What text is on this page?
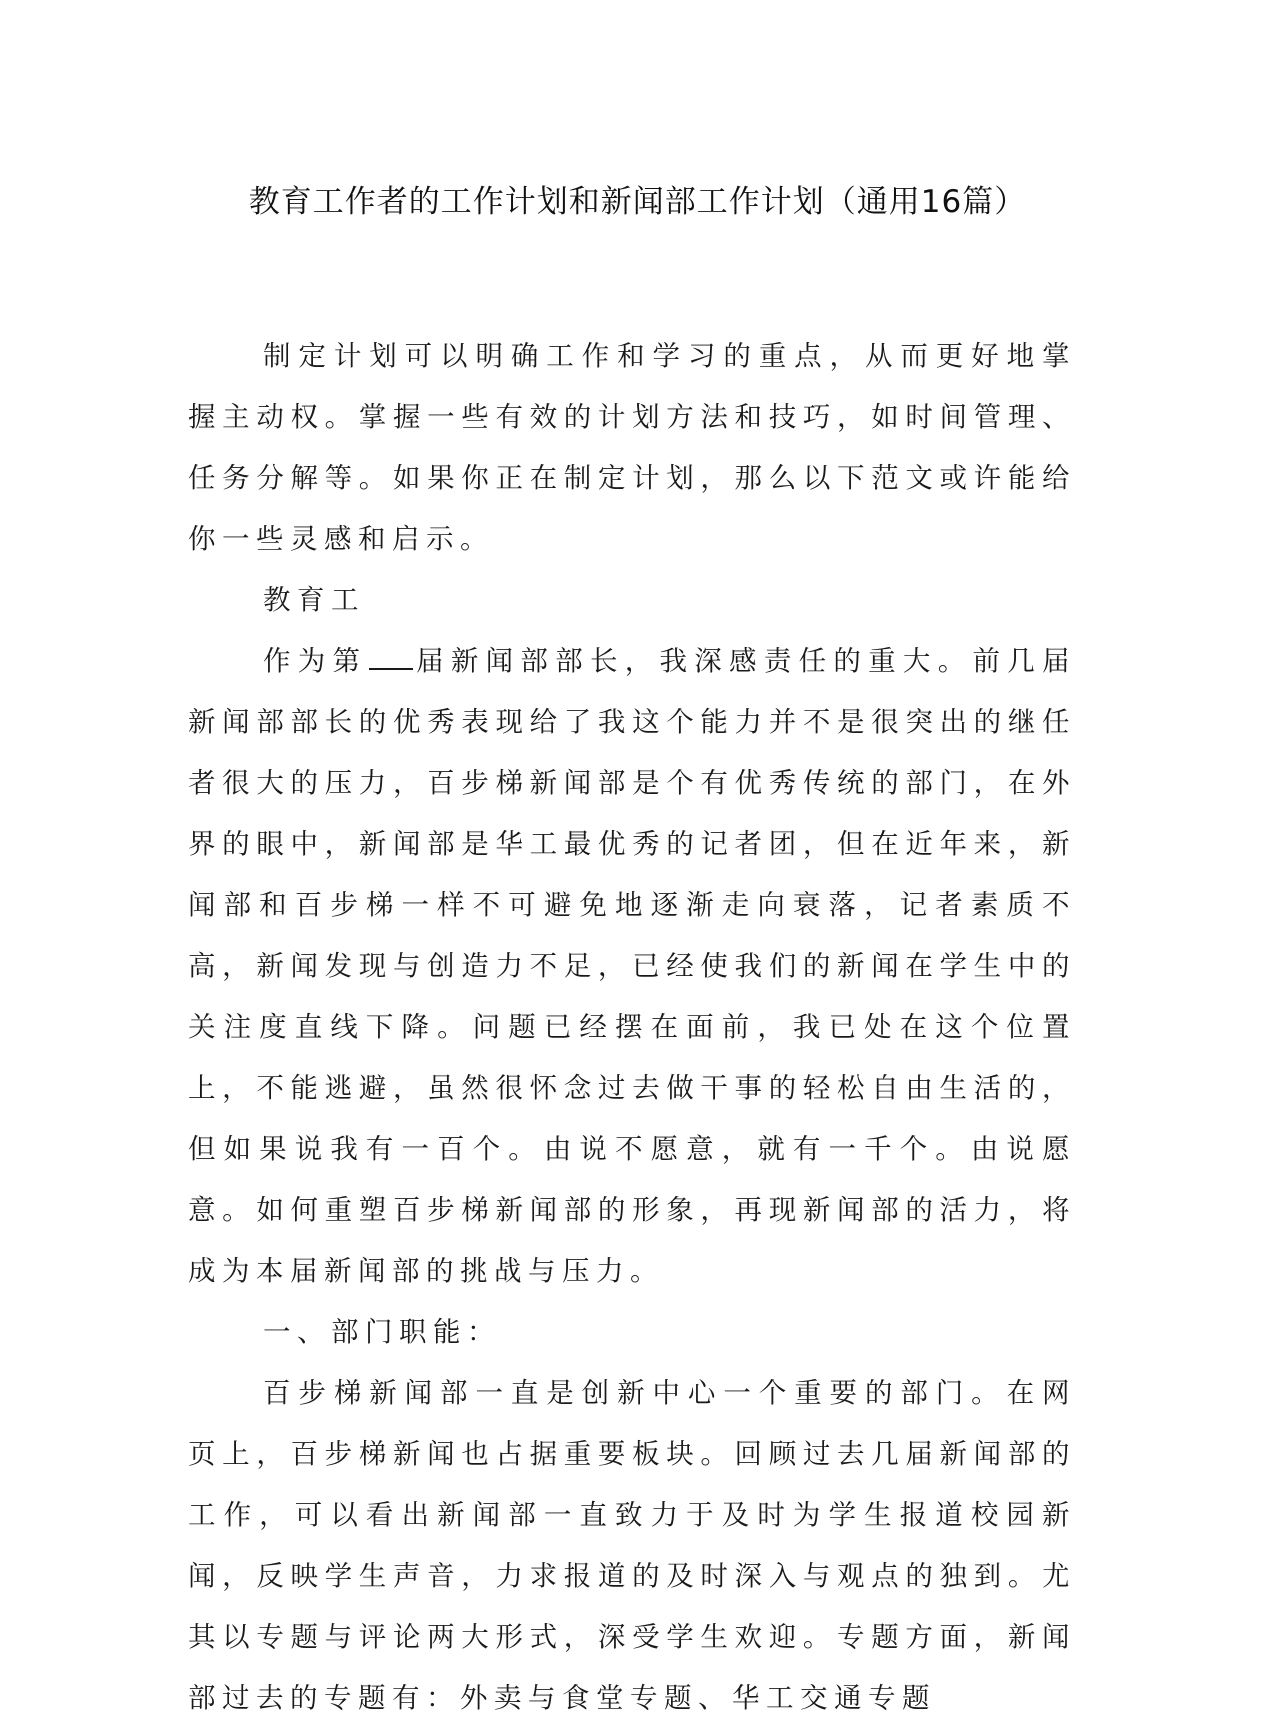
教育工作者的工作计划和新闻部工作计划（通用16篇）

制定计划可以明确工作和学习的重点，从而更好地掌握主动权。掌握一些有效的计划方法和技巧，如时间管理、任务分解等。如果你正在制定计划，那么以下范文或许能给你一些灵感和启示。

教育工

作为第 届新闻部部长，我深感责任的重大。前几届新闻部部长的优秀表现给了我这个能力并不是很突出的继任者很大的压力，百步梯新闻部是个有优秀传统的部门，在外界的眼中，新闻部是华工最优秀的记者团，但在近年来，新闻部和百步梯一样不可避免地逐渐走向衰落，记者素质不高，新闻发现与创造力不足，已经使我们的新闻在学生中的关注度直线下降。问题已经摆在面前，我已处在这个位置上，不能逃避，虽然很怀念过去做干事的轻松自由生活的，但如果说我有一百个。由说不愿意，就有一千个。由说愿意。如何重塑百步梯新闻部的形象，再现新闻部的活力，将成为本届新闻部的挑战与压力。

一、部门职能：

百步梯新闻部一直是创新中心一个重要的部门。在网页上，百步梯新闻也占据重要板块。回顾过去几届新闻部的工作，可以看出新闻部一直致力于及时为学生报道校园新闻，反映学生声音，力求报道的及时深入与观点的独到。尤其以专题与评论两大形式，深受学生欢迎。专题方面，新闻部过去的专题有：外卖与食堂专题、华工交通专题
